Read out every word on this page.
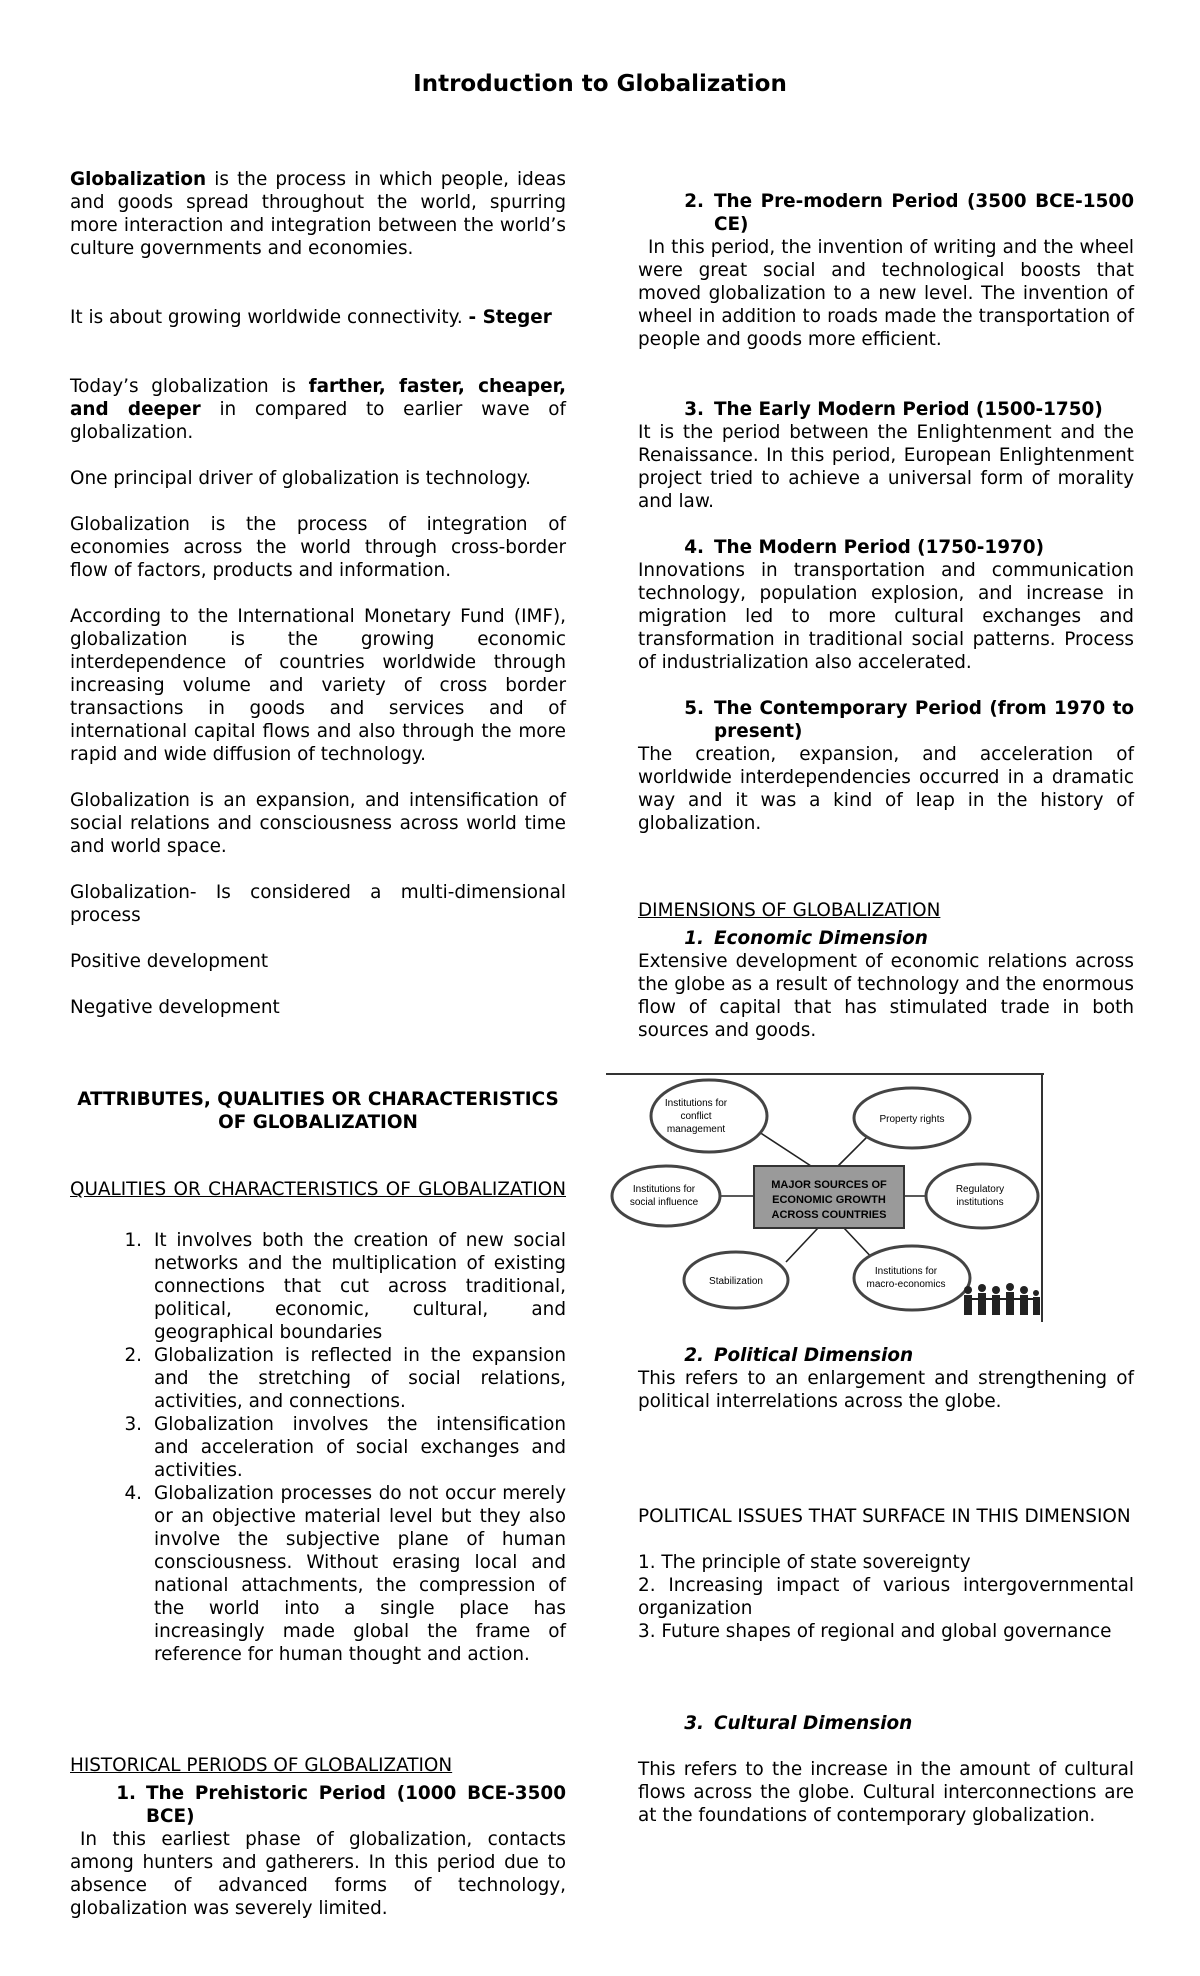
Introduction to Globalization

Globalization is the process in which people, ideas and goods spread throughout the world, spurring more interaction and integration between the world’s culture governments and economies.

It is about growing worldwide connectivity. - Steger

Today’s globalization is farther, faster, cheaper, and deeper in compared to earlier wave of globalization.

One principal driver of globalization is technology.

Globalization is the process of integration of economies across the world through cross-border flow of factors, products and information.

According to the International Monetary Fund (IMF), globalization is the growing economic interdependence of countries worldwide through increasing volume and variety of cross border transactions in goods and services and of international capital flows and also through the more rapid and wide diffusion of technology.

Globalization is an expansion, and intensification of social relations and consciousness across world time and world space.

Globalization- Is considered a multi-dimensional process

Positive development

Negative development

ATTRIBUTES, QUALITIES OR CHARACTERISTICS OF GLOBALIZATION

QUALITIES OR CHARACTERISTICS OF GLOBALIZATION

1. It involves both the creation of new social networks and the multiplication of existing connections that cut across traditional, political, economic, cultural, and geographical boundaries
2. Globalization is reflected in the expansion and the stretching of social relations, activities, and connections.
3. Globalization involves the intensification and acceleration of social exchanges and activities.
4. Globalization processes do not occur merely or an objective material level but they also involve the subjective plane of human consciousness. Without erasing local and national attachments, the compression of the world into a single place has increasingly made global the frame of reference for human thought and action.

HISTORICAL PERIODS OF GLOBALIZATION

1. The Prehistoric Period (1000 BCE-3500 BCE)

In this earliest phase of globalization, contacts among hunters and gatherers. In this period due to absence of advanced forms of technology, globalization was severely limited.

2. The Pre-modern Period (3500 BCE-1500 CE)

In this period, the invention of writing and the wheel were great social and technological boosts that moved globalization to a new level. The invention of wheel in addition to roads made the transportation of people and goods more efficient.

3. The Early Modern Period (1500-1750)

It is the period between the Enlightenment and the Renaissance. In this period, European Enlightenment project tried to achieve a universal form of morality and law.

4. The Modern Period (1750-1970)

Innovations in transportation and communication technology, population explosion, and increase in migration led to more cultural exchanges and transformation in traditional social patterns. Process of industrialization also accelerated.

5. The Contemporary Period (from 1970 to present)

The creation, expansion, and acceleration of worldwide interdependencies occurred in a dramatic way and it was a kind of leap in the history of globalization.

DIMENSIONS OF GLOBALIZATION

1. Economic Dimension

Extensive development of economic relations across the globe as a result of technology and the enormous flow of capital that has stimulated trade in both sources and goods.

2. Political Dimension

This refers to an enlargement and strengthening of political interrelations across the globe.

POLITICAL ISSUES THAT SURFACE IN THIS DIMENSION

1. The principle of state sovereignty

2. Increasing impact of various intergovernmental organization

3. Future shapes of regional and global governance

3. Cultural Dimension

This refers to the increase in the amount of cultural flows across the globe. Cultural interconnections are at the foundations of contemporary globalization.

MAJOR SOURCES OF
ECONOMIC GROWTH
ACROSS COUNTRIES
Institutions for
conflict
management
Property rights
Institutions for
social influence
Regulatory
institutions
Stabilization
Institutions for
macro-economics
